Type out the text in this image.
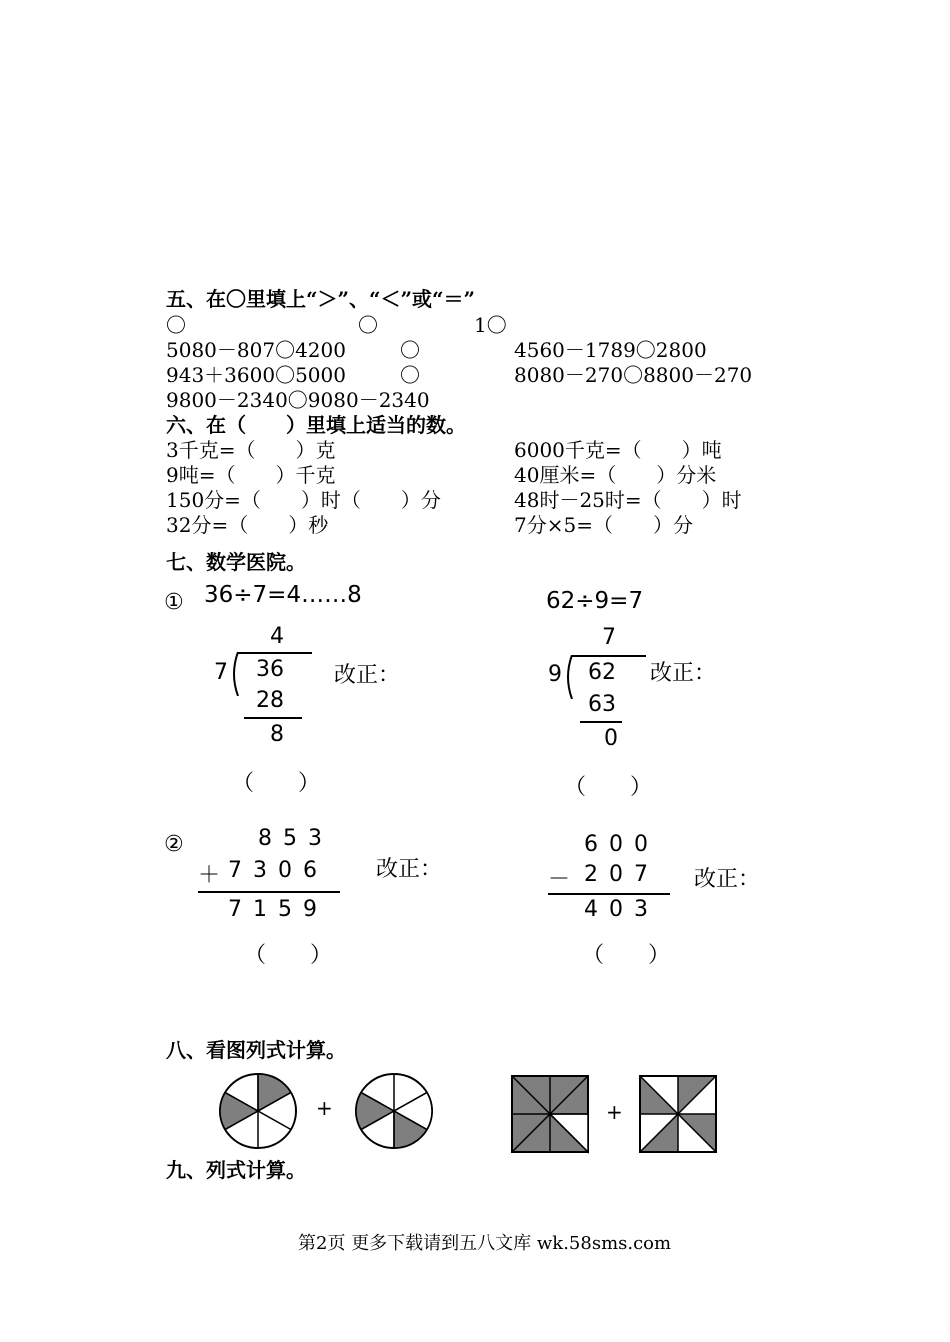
五、在〇里填上“＞”、“＜”或“＝”
〇	〇	1〇
5080－807〇4200	〇	4560－1789〇2800
943＋3600〇5000	〇	8080－270〇8800－270
9800－2340〇9080－2340
六、在（　　）里填上适当的数。
3千克=（　　）克	6000千克=（　　）吨
9吨=（　　）千克	40厘米=（　　）分米
150分=（　　）时（　　）分	48时－25时=（　　）时
32分=（　　）秒	7分×5=（　　）分
七、数学医院。
① 36÷7=4……8
4
7 36
28
8
改正：
（　　）
62÷9=7
7
9 62
63
0
改正：
（　　）
②	853
＋ 7306
7159
改正：
（　　）
600
－ 207
403
改正：
（　　）
八、看图列式计算。
+	+
九、列式计算。
第2页 更多下载请到五八文库 wk.58sms.com
